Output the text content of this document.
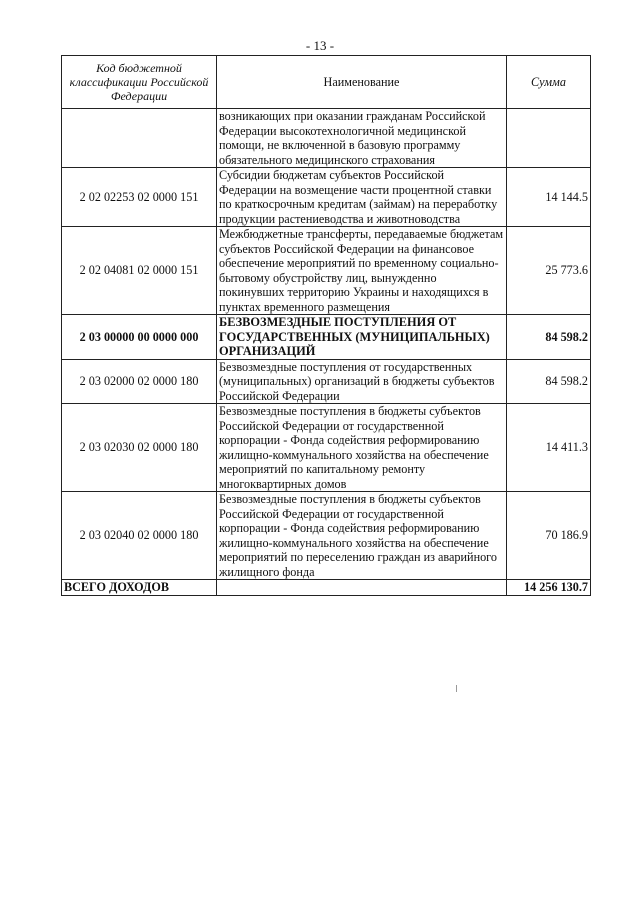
- 13 -
Код бюджетной классификации Российской Федерации	Наименование	Сумма
	возникающих при оказании гражданам Российской Федерации высокотехнологичной медицинской помощи, не включенной в базовую программу обязательного медицинского страхования	
2 02 02253 02 0000 151	Субсидии бюджетам субъектов Российской Федерации на возмещение части процентной ставки по краткосрочным кредитам (займам) на переработку продукции растениеводства и животноводства	14 144.5
2 02 04081 02 0000 151	Межбюджетные трансферты, передаваемые бюджетам субъектов Российской Федерации на финансовое обеспечение мероприятий по временному социально-бытовому обустройству лиц, вынужденно покинувших территорию Украины и находящихся в пунктах временного размещения	25 773.6
2 03 00000 00 0000 000	БЕЗВОЗМЕЗДНЫЕ ПОСТУПЛЕНИЯ ОТ ГОСУДАРСТВЕННЫХ (МУНИЦИПАЛЬНЫХ) ОРГАНИЗАЦИЙ	84 598.2
2 03 02000 02 0000 180	Безвозмездные поступления от государственных (муниципальных) организаций в бюджеты субъектов Российской Федерации	84 598.2
2 03 02030 02 0000 180	Безвозмездные поступления в бюджеты субъектов Российской Федерации от государственной корпорации - Фонда содействия реформированию жилищно-коммунального хозяйства на обеспечение мероприятий по капитальному ремонту многоквартирных домов	14 411.3
2 03 02040 02 0000 180	Безвозмездные поступления в бюджеты субъектов Российской Федерации от государственной корпорации - Фонда содействия реформированию жилищно-коммунального хозяйства на обеспечение мероприятий по переселению граждан из аварийного жилищного фонда	70 186.9
ВСЕГО ДОХОДОВ		14 256 130.7
